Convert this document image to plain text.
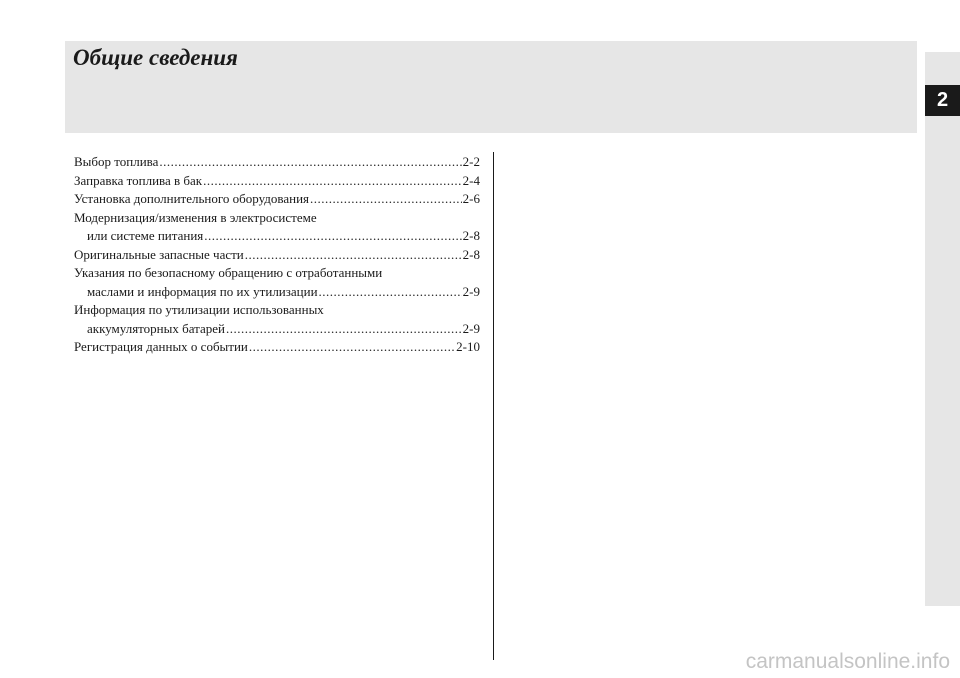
Общие сведения
2
Выбор топлива .....	2-2
Заправка топлива в бак .....	2-4
Установка дополнительного оборудования .....	2-6
Модернизация/изменения в электросистеме
или системе питания .....	2-8
Оригинальные запасные части .....	2-8
Указания по безопасному обращению с отработанными
маслами и информация по их утилизации .....	2-9
Информация по утилизации использованных
аккумуляторных батарей .....	2-9
Регистрация данных о событии .....	2-10
carmanualsonline.info
